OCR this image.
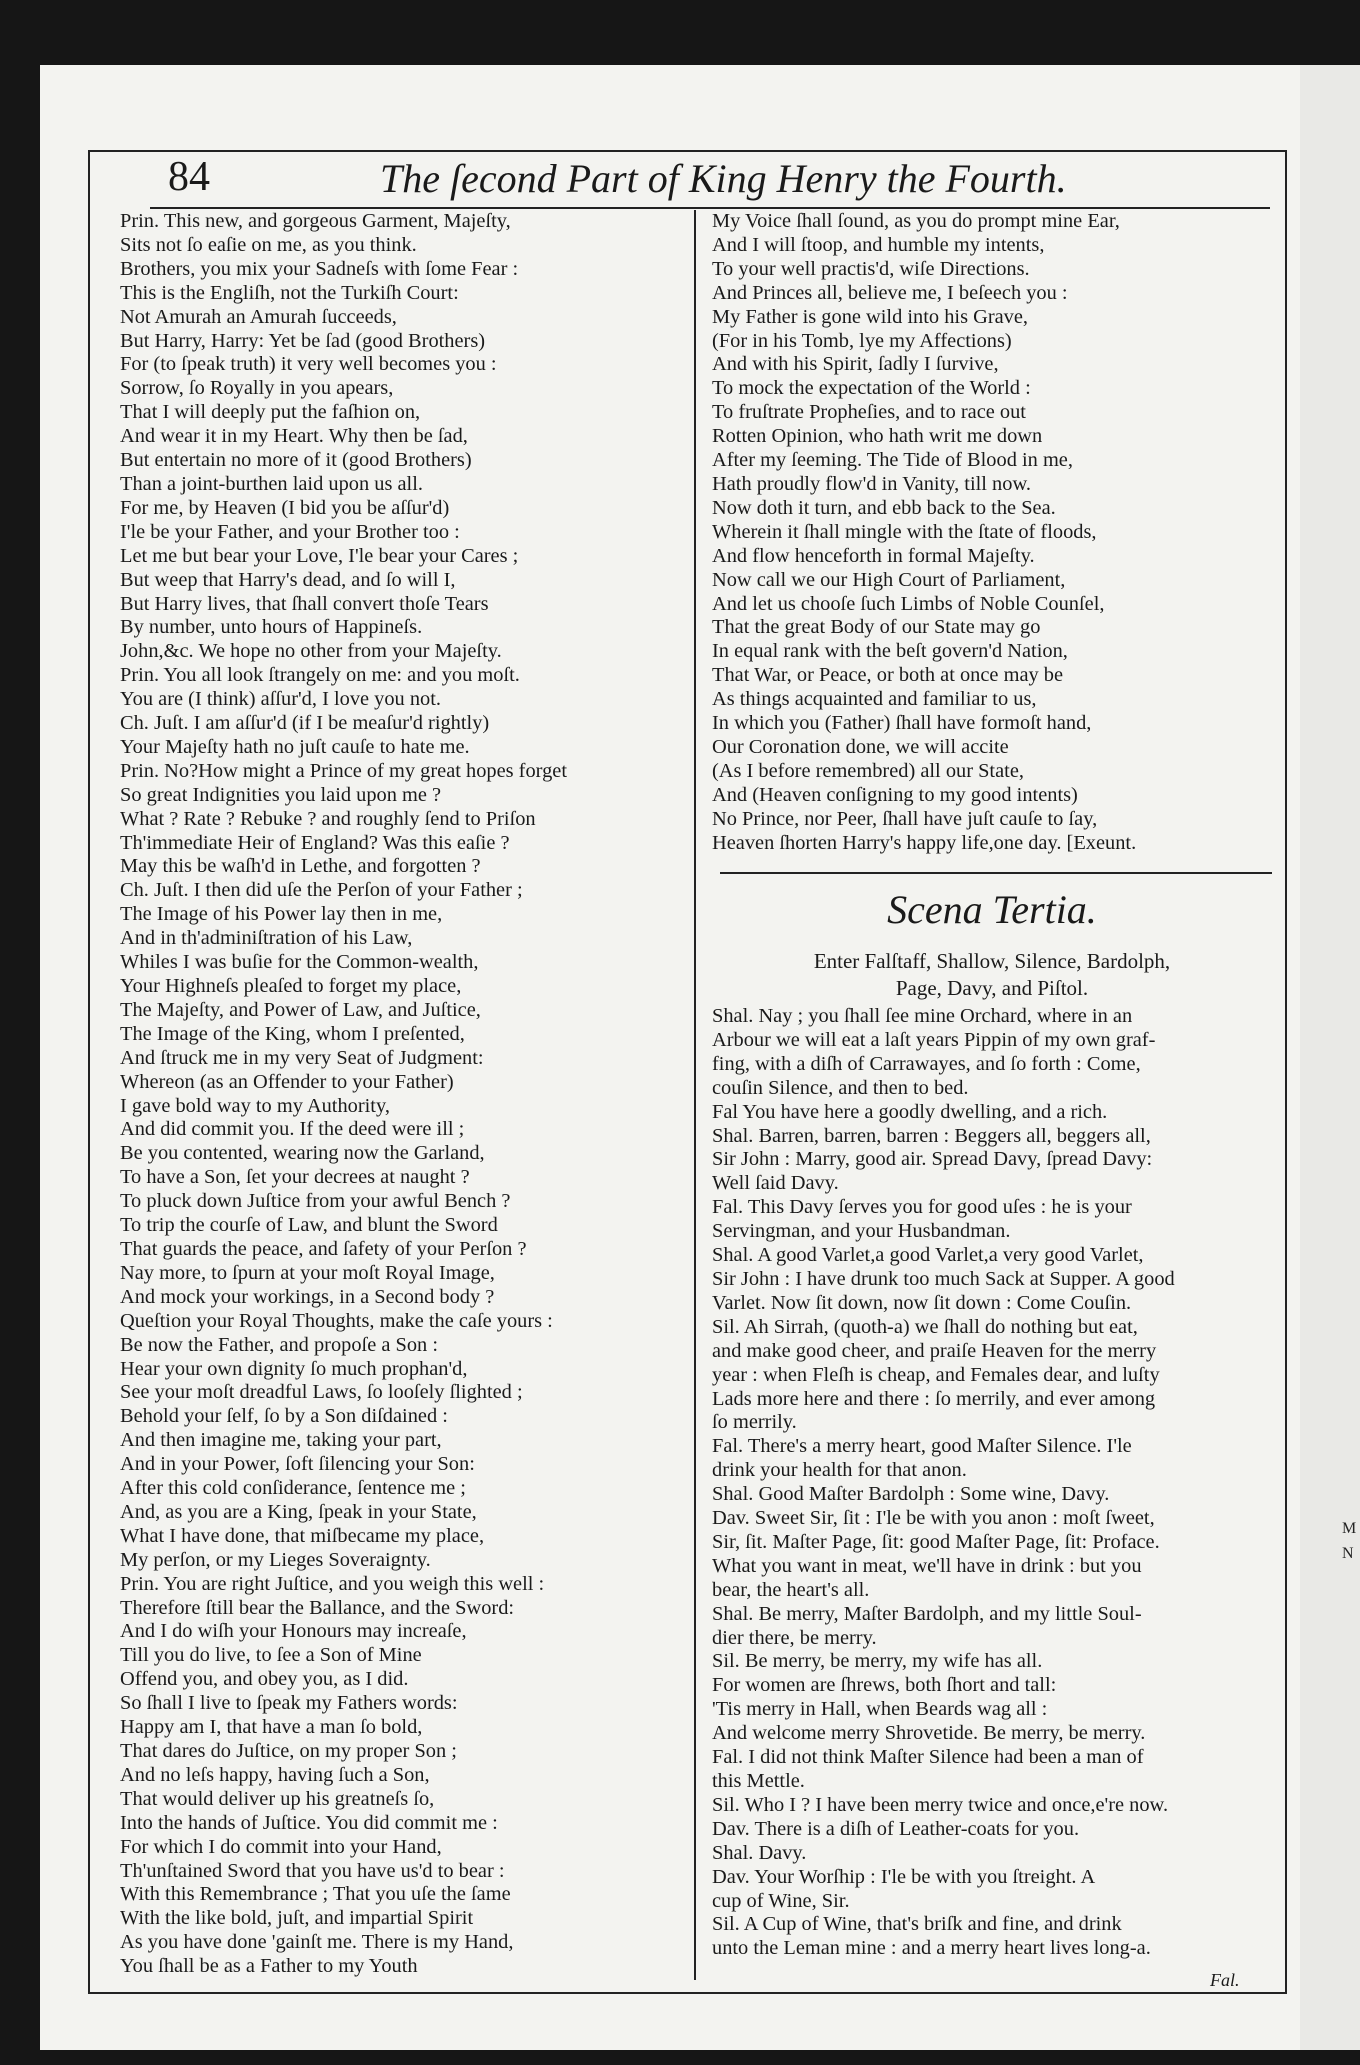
M
N
84	The ſecond Part of King Henry the Fourth.
Prin. This new, and gorgeous Garment, Majeſty,
Sits not ſo eaſie on me, as you think.
Brothers, you mix your Sadneſs with ſome Fear :
This is the Engliſh, not the Turkiſh Court:
Not Amurah an Amurah ſucceeds,
But Harry, Harry: Yet be ſad (good Brothers)
For (to ſpeak truth) it very well becomes you :
Sorrow, ſo Royally in you apears,
That I will deeply put the faſhion on,
And wear it in my Heart. Why then be ſad,
But entertain no more of it (good Brothers)
Than a joint-burthen laid upon us all.
For me, by Heaven (I bid you be aſſur'd)
I'le be your Father, and your Brother too :
Let me but bear your Love, I'le bear your Cares ;
But weep that Harry's dead, and ſo will I,
But Harry lives, that ſhall convert thoſe Tears
By number, unto hours of Happineſs.
John,&c. We hope no other from your Majeſty.
Prin. You all look ſtrangely on me: and you moſt.
You are (I think) aſſur'd, I love you not.
Ch. Juſt. I am aſſur'd (if I be meaſur'd rightly)
Your Majeſty hath no juſt cauſe to hate me.
Prin. No?How might a Prince of my great hopes forget
So great Indignities you laid upon me ?
What ? Rate ? Rebuke ? and roughly ſend to Priſon
Th'immediate Heir of England? Was this eaſie ?
May this be waſh'd in Lethe, and forgotten ?
Ch. Juſt. I then did uſe the Perſon of your Father ;
The Image of his Power lay then in me,
And in th'adminiſtration of his Law,
Whiles I was buſie for the Common-wealth,
Your Highneſs pleaſed to forget my place,
The Majeſty, and Power of Law, and Juſtice,
The Image of the King, whom I preſented,
And ſtruck me in my very Seat of Judgment:
Whereon (as an Offender to your Father)
I gave bold way to my Authority,
And did commit you. If the deed were ill ;
Be you contented, wearing now the Garland,
To have a Son, ſet your decrees at naught ?
To pluck down Juſtice from your awful Bench ?
To trip the courſe of Law, and blunt the Sword
That guards the peace, and ſafety of your Perſon ?
Nay more, to ſpurn at your moſt Royal Image,
And mock your workings, in a Second body ?
Queſtion your Royal Thoughts, make the caſe yours :
Be now the Father, and propoſe a Son :
Hear your own dignity ſo much prophan'd,
See your moſt dreadful Laws, ſo looſely ſlighted ;
Behold your ſelf, ſo by a Son diſdained :
And then imagine me, taking your part,
And in your Power, ſoft ſilencing your Son:
After this cold conſiderance, ſentence me ;
And, as you are a King, ſpeak in your State,
What I have done, that miſbecame my place,
My perſon, or my Lieges Soveraignty.
Prin. You are right Juſtice, and you weigh this well :
Therefore ſtill bear the Ballance, and the Sword:
And I do wiſh your Honours may increaſe,
Till you do live, to ſee a Son of Mine
Offend you, and obey you, as I did.
So ſhall I live to ſpeak my Fathers words:
Happy am I, that have a man ſo bold,
That dares do Juſtice, on my proper Son ;
And no leſs happy, having ſuch a Son,
That would deliver up his greatneſs ſo,
Into the hands of Juſtice. You did commit me :
For which I do commit into your Hand,
Th'unſtained Sword that you have us'd to bear :
With this Remembrance ; That you uſe the ſame
With the like bold, juſt, and impartial Spirit
As you have done 'gainſt me. There is my Hand,
You ſhall be as a Father to my Youth
My Voice ſhall ſound, as you do prompt mine Ear,
And I will ſtoop, and humble my intents,
To your well practis'd, wiſe Directions.
And Princes all, believe me, I beſeech you :
My Father is gone wild into his Grave,
(For in his Tomb, lye my Affections)
And with his Spirit, ſadly I ſurvive,
To mock the expectation of the World :
To fruſtrate Propheſies, and to race out
Rotten Opinion, who hath writ me down
After my ſeeming. The Tide of Blood in me,
Hath proudly flow'd in Vanity, till now.
Now doth it turn, and ebb back to the Sea.
Wherein it ſhall mingle with the ſtate of floods,
And flow henceforth in formal Majeſty.
Now call we our High Court of Parliament,
And let us chooſe ſuch Limbs of Noble Counſel,
That the great Body of our State may go
In equal rank with the beſt govern'd Nation,
That War, or Peace, or both at once may be
As things acquainted and familiar to us,
In which you (Father) ſhall have formoſt hand,
Our Coronation done, we will accite
(As I before remembred) all our State,
And (Heaven conſigning to my good intents)
No Prince, nor Peer, ſhall have juſt cauſe to ſay,
Heaven ſhorten Harry's happy life,one day. [Exeunt.
Scena Tertia.
Enter Falſtaff, Shallow, Silence, Bardolph,
Page, Davy, and Piſtol.
Shal. Nay ; you ſhall ſee mine Orchard, where in an
Arbour we will eat a laſt years Pippin of my own graf-
fing, with a diſh of Carrawayes, and ſo forth : Come,
couſin Silence, and then to bed.
Fal You have here a goodly dwelling, and a rich.
Shal. Barren, barren, barren : Beggers all, beggers all,
Sir John : Marry, good air. Spread Davy, ſpread Davy:
Well ſaid Davy.
Fal. This Davy ſerves you for good uſes : he is your
Servingman, and your Husbandman.
Shal. A good Varlet,a good Varlet,a very good Varlet,
Sir John : I have drunk too much Sack at Supper. A good
Varlet. Now ſit down, now ſit down : Come Couſin.
Sil. Ah Sirrah, (quoth-a) we ſhall do nothing but eat,
and make good cheer, and praiſe Heaven for the merry
year : when Fleſh is cheap, and Females dear, and luſty
Lads more here and there : ſo merrily, and ever among
ſo merrily.
Fal. There's a merry heart, good Maſter Silence. I'le
drink your health for that anon.
Shal. Good Maſter Bardolph : Some wine, Davy.
Dav. Sweet Sir, ſit : I'le be with you anon : moſt ſweet,
Sir, ſit. Maſter Page, ſit: good Maſter Page, ſit: Proface.
What you want in meat, we'll have in drink : but you
bear, the heart's all.
Shal. Be merry, Maſter Bardolph, and my little Soul-
dier there, be merry.
Sil. Be merry, be merry, my wife has all.
For women are ſhrews, both ſhort and tall:
'Tis merry in Hall, when Beards wag all :
And welcome merry Shrovetide. Be merry, be merry.
Fal. I did not think Maſter Silence had been a man of
this Mettle.
Sil. Who I ? I have been merry twice and once,e're now.
Dav. There is a diſh of Leather-coats for you.
Shal. Davy.
Dav. Your Worſhip : I'le be with you ſtreight. A
cup of Wine, Sir.
Sil. A Cup of Wine, that's briſk and fine, and drink
unto the Leman mine : and a merry heart lives long-a.
Fal.
